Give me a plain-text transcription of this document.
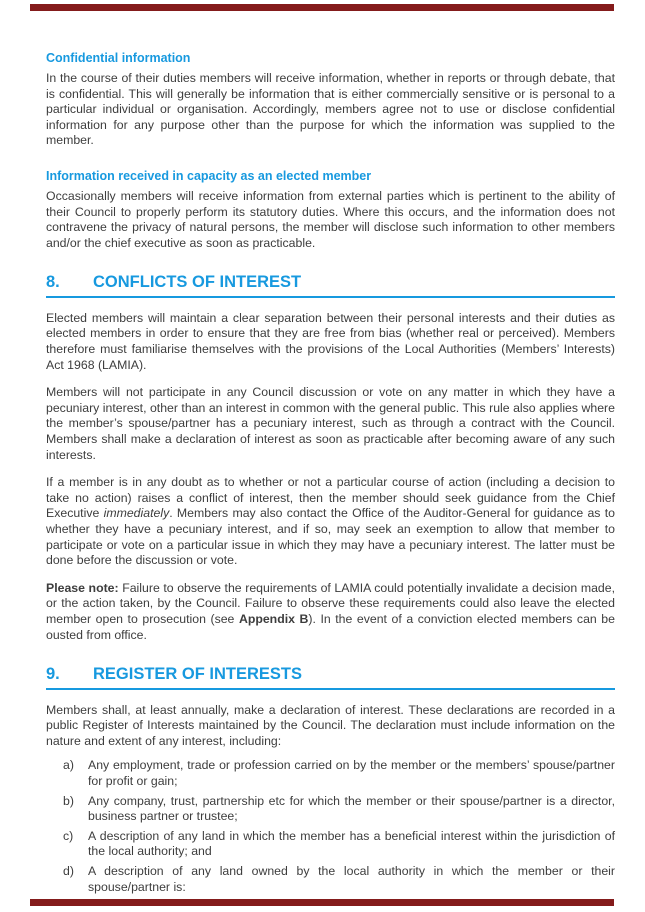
Confidential information

In the course of their duties members will receive information, whether in reports or through debate, that is confidential. This will generally be information that is either commercially sensitive or is personal to a particular individual or organisation. Accordingly, members agree not to use or disclose confidential information for any purpose other than the purpose for which the information was supplied to the member.

Information received in capacity as an elected member

Occasionally members will receive information from external parties which is pertinent to the ability of their Council to properly perform its statutory duties. Where this occurs, and the information does not contravene the privacy of natural persons, the member will disclose such information to other members and/or the chief executive as soon as practicable.

8. CONFLICTS OF INTEREST

Elected members will maintain a clear separation between their personal interests and their duties as elected members in order to ensure that they are free from bias (whether real or perceived). Members therefore must familiarise themselves with the provisions of the Local Authorities (Members’ Interests) Act 1968 (LAMIA).

Members will not participate in any Council discussion or vote on any matter in which they have a pecuniary interest, other than an interest in common with the general public. This rule also applies where the member’s spouse/partner has a pecuniary interest, such as through a contract with the Council. Members shall make a declaration of interest as soon as practicable after becoming aware of any such interests.

If a member is in any doubt as to whether or not a particular course of action (including a decision to take no action) raises a conflict of interest, then the member should seek guidance from the Chief Executive immediately. Members may also contact the Office of the Auditor-General for guidance as to whether they have a pecuniary interest, and if so, may seek an exemption to allow that member to participate or vote on a particular issue in which they may have a pecuniary interest. The latter must be done before the discussion or vote.

Please note: Failure to observe the requirements of LAMIA could potentially invalidate a decision made, or the action taken, by the Council. Failure to observe these requirements could also leave the elected member open to prosecution (see Appendix B). In the event of a conviction elected members can be ousted from office.

9. REGISTER OF INTERESTS

Members shall, at least annually, make a declaration of interest. These declarations are recorded in a public Register of Interests maintained by the Council. The declaration must include information on the nature and extent of any interest, including:

a)	Any employment, trade or profession carried on by the member or the members’ spouse/partner for profit or gain;
b)	Any company, trust, partnership etc for which the member or their spouse/partner is a director, business partner or trustee;
c)	A description of any land in which the member has a beneficial interest within the jurisdiction of the local authority; and
d)	A description of any land owned by the local authority in which the member or their spouse/partner is:
